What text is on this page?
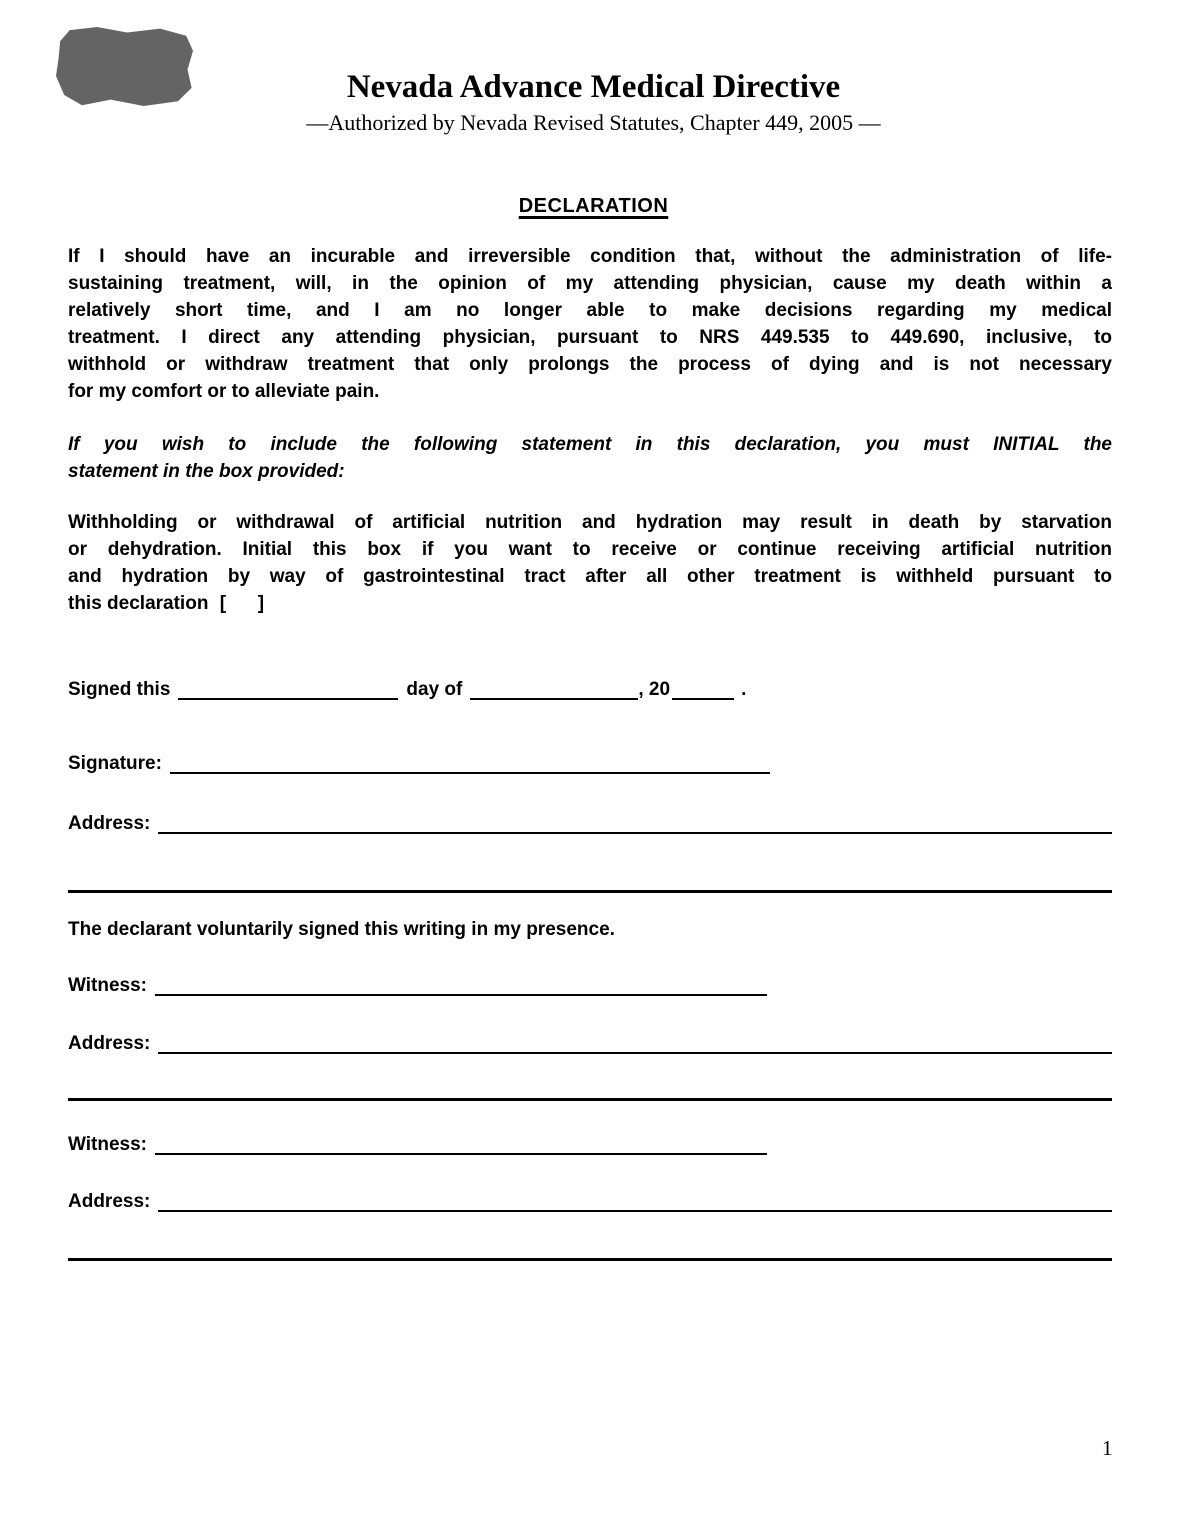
Nevada Advance Medical Directive
—Authorized by Nevada Revised Statutes, Chapter 449, 2005 —
DECLARATION
If I should have an incurable and irreversible condition that, without the administration of life-
sustaining treatment, will, in the opinion of my attending physician, cause my death within a
relatively short time, and I am no longer able to make decisions regarding my medical
treatment. I direct any attending physician, pursuant to NRS 449.535 to 449.690, inclusive, to
withhold or withdraw treatment that only prolongs the process of dying and is not necessary
for my comfort or to alleviate pain.
If you wish to include the following statement in this declaration, you must INITIAL the
statement in the box provided:
Withholding or withdrawal of artificial nutrition and hydration may result in death by starvation
or dehydration. Initial this box if you want to receive or continue receiving artificial nutrition
and hydration by way of gastrointestinal tract after all other treatment is withheld pursuant to
this declaration [      ]
Signed this	day of	, 20	.
Signature:
Address:
The declarant voluntarily signed this writing in my presence.
Witness:
Address:
Witness:
Address:
1
